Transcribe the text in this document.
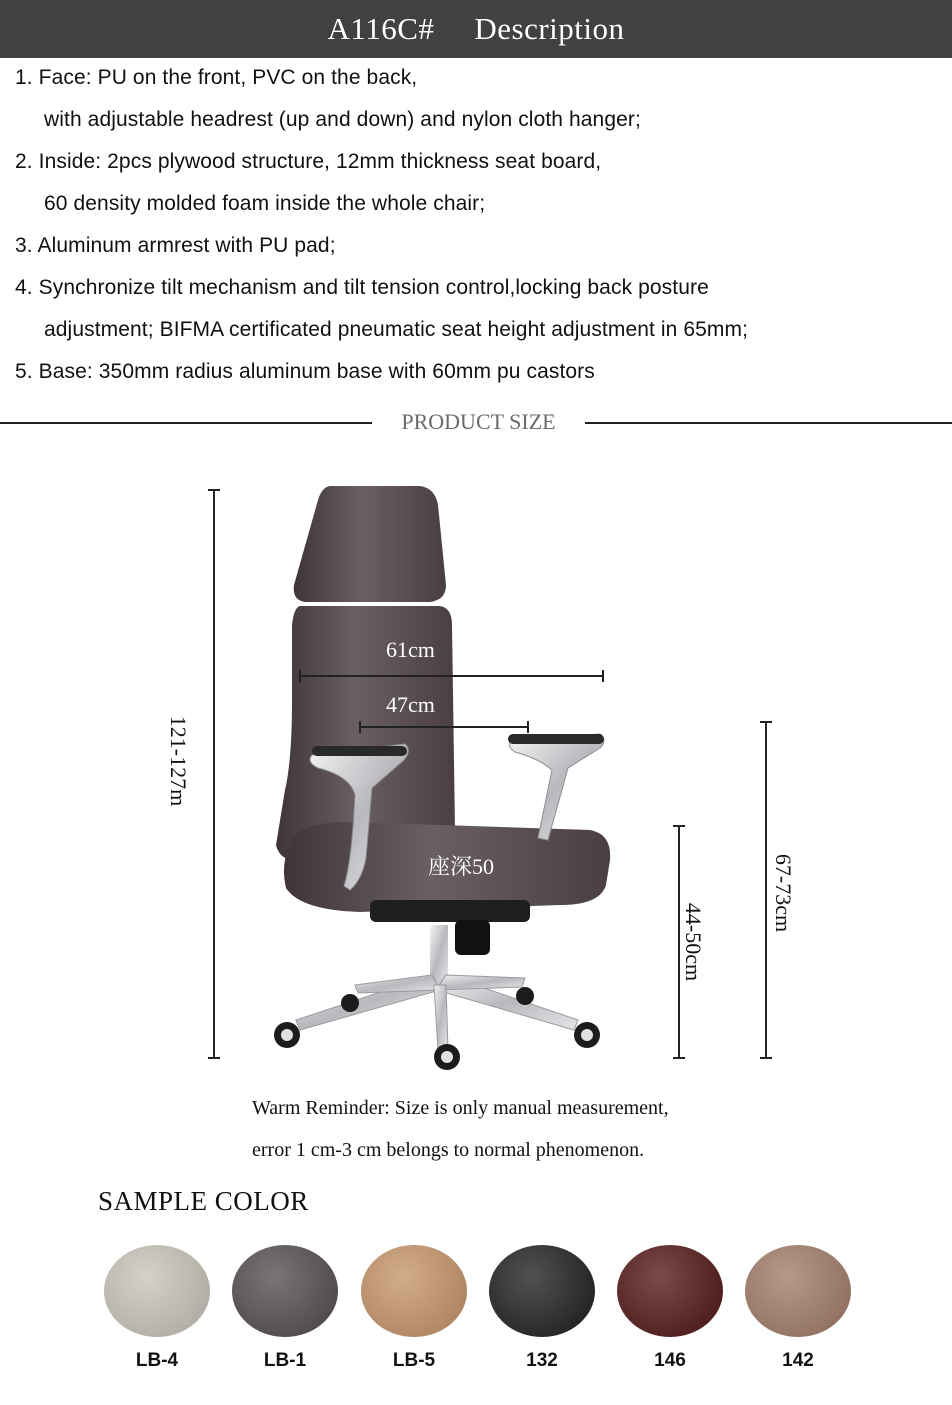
A116C# Description
1. Face: PU on the front, PVC on the back,
with adjustable headrest (up and down) and nylon cloth hanger;
2. Inside: 2pcs plywood structure, 12mm thickness seat board,
60 density molded foam inside the whole chair;
3. Aluminum armrest with PU pad;
4. Synchronize tilt mechanism and tilt tension control,locking back posture
adjustment; BIFMA certificated pneumatic seat height adjustment in 65mm;
5. Base: 350mm radius aluminum base with 60mm pu castors
PRODUCT SIZE
121-127m
61cm
47cm
座深50
44-50cm
67-73cm
Warm Reminder: Size is only manual measurement,
error 1 cm-3 cm belongs to normal phenomenon.
SAMPLE COLOR
LB-4	LB-1	LB-5	132	146	142
